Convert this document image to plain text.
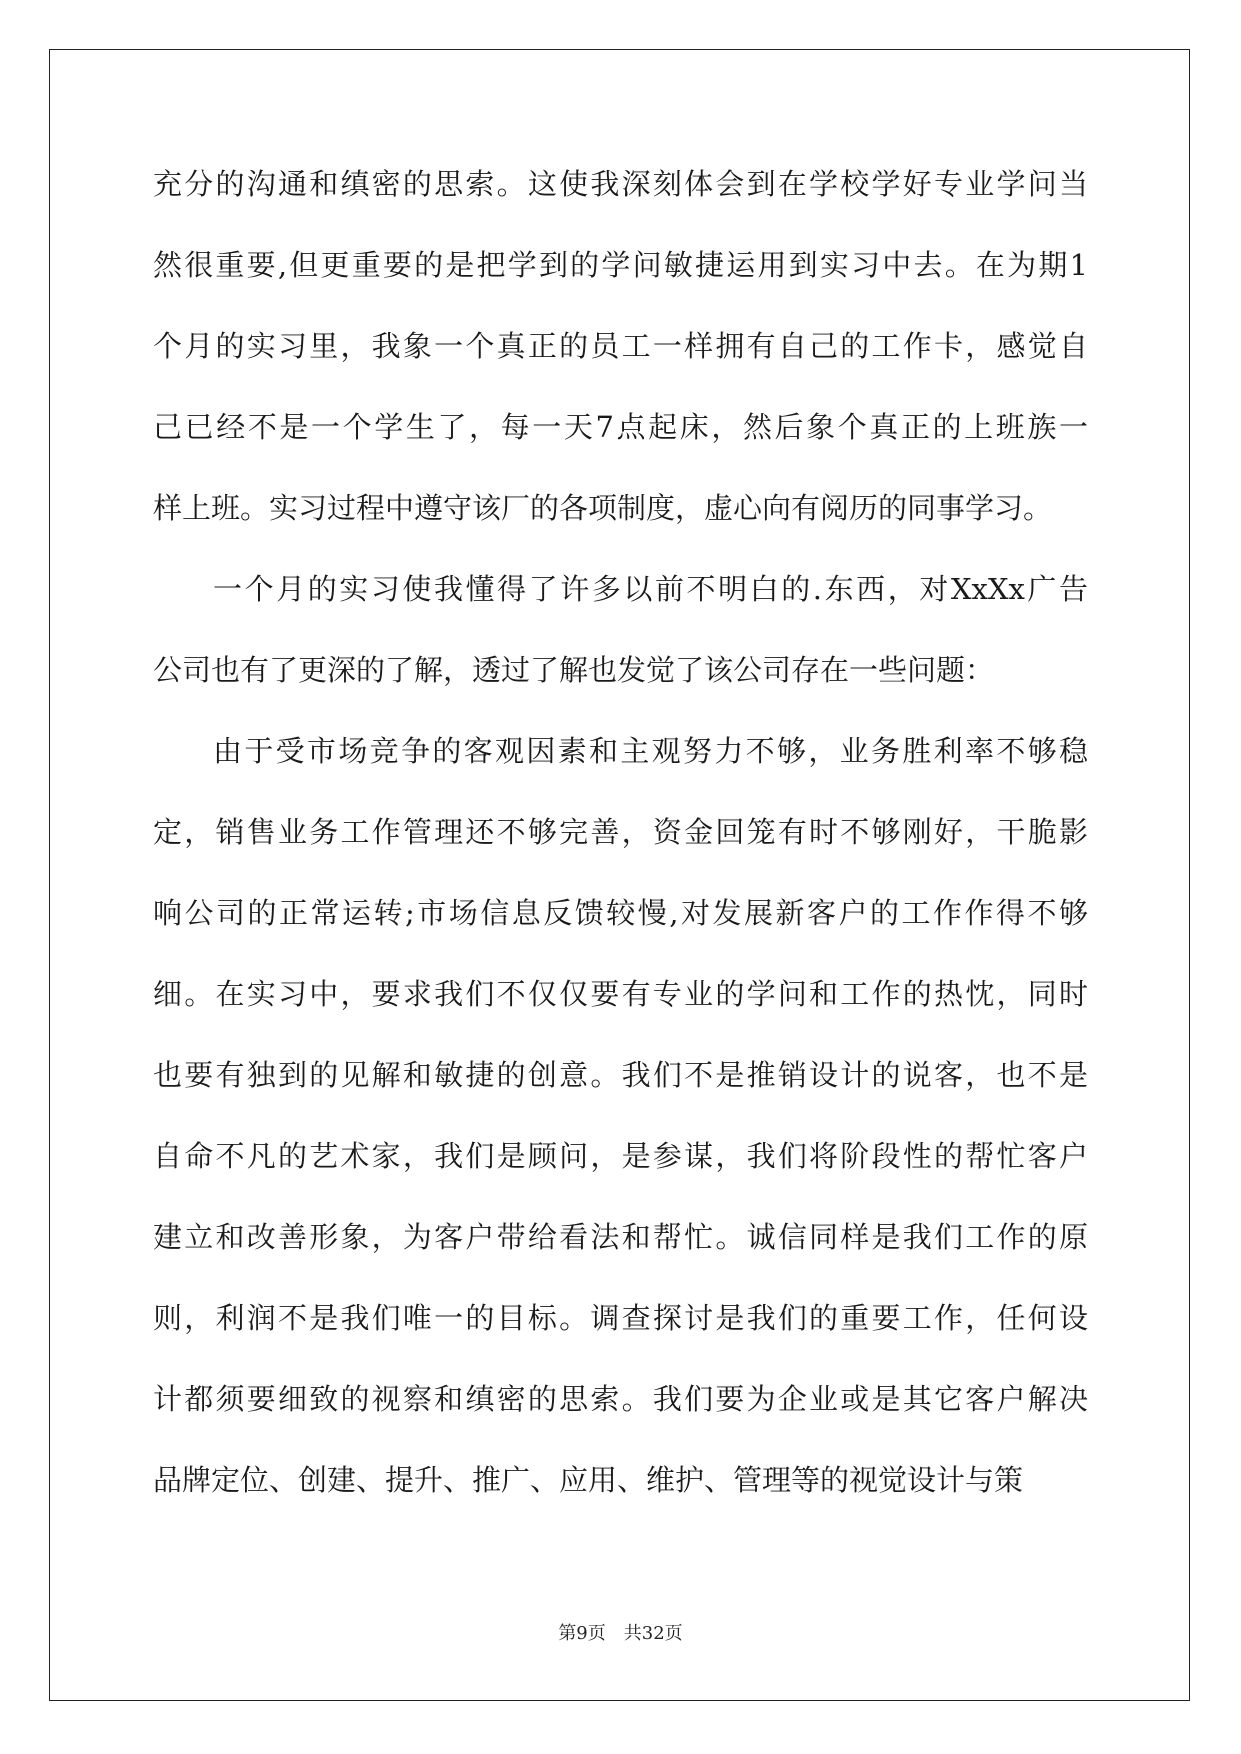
充分的沟通和缜密的思索。这使我深刻体会到在学校学好专业学问当
然很重要,但更重要的是把学到的学问敏捷运用到实习中去。在为期1
个月的实习里，我象一个真正的员工一样拥有自己的工作卡，感觉自
己已经不是一个学生了，每一天7点起床，然后象个真正的上班族一
样上班。实习过程中遵守该厂的各项制度，虚心向有阅历的同事学习。
一个月的实习使我懂得了许多以前不明白的.东西，对XxXx广告
公司也有了更深的了解，透过了解也发觉了该公司存在一些问题：
由于受市场竞争的客观因素和主观努力不够，业务胜利率不够稳
定，销售业务工作管理还不够完善，资金回笼有时不够刚好，干脆影
响公司的正常运转;市场信息反馈较慢,对发展新客户的工作作得不够
细。在实习中，要求我们不仅仅要有专业的学问和工作的热忱，同时
也要有独到的见解和敏捷的创意。我们不是推销设计的说客，也不是
自命不凡的艺术家，我们是顾问，是参谋，我们将阶段性的帮忙客户
建立和改善形象，为客户带给看法和帮忙。诚信同样是我们工作的原
则，利润不是我们唯一的目标。调查探讨是我们的重要工作，任何设
计都须要细致的视察和缜密的思索。我们要为企业或是其它客户解决
品牌定位、创建、提升、推广、应用、维护、管理等的视觉设计与策
第9页 共32页
